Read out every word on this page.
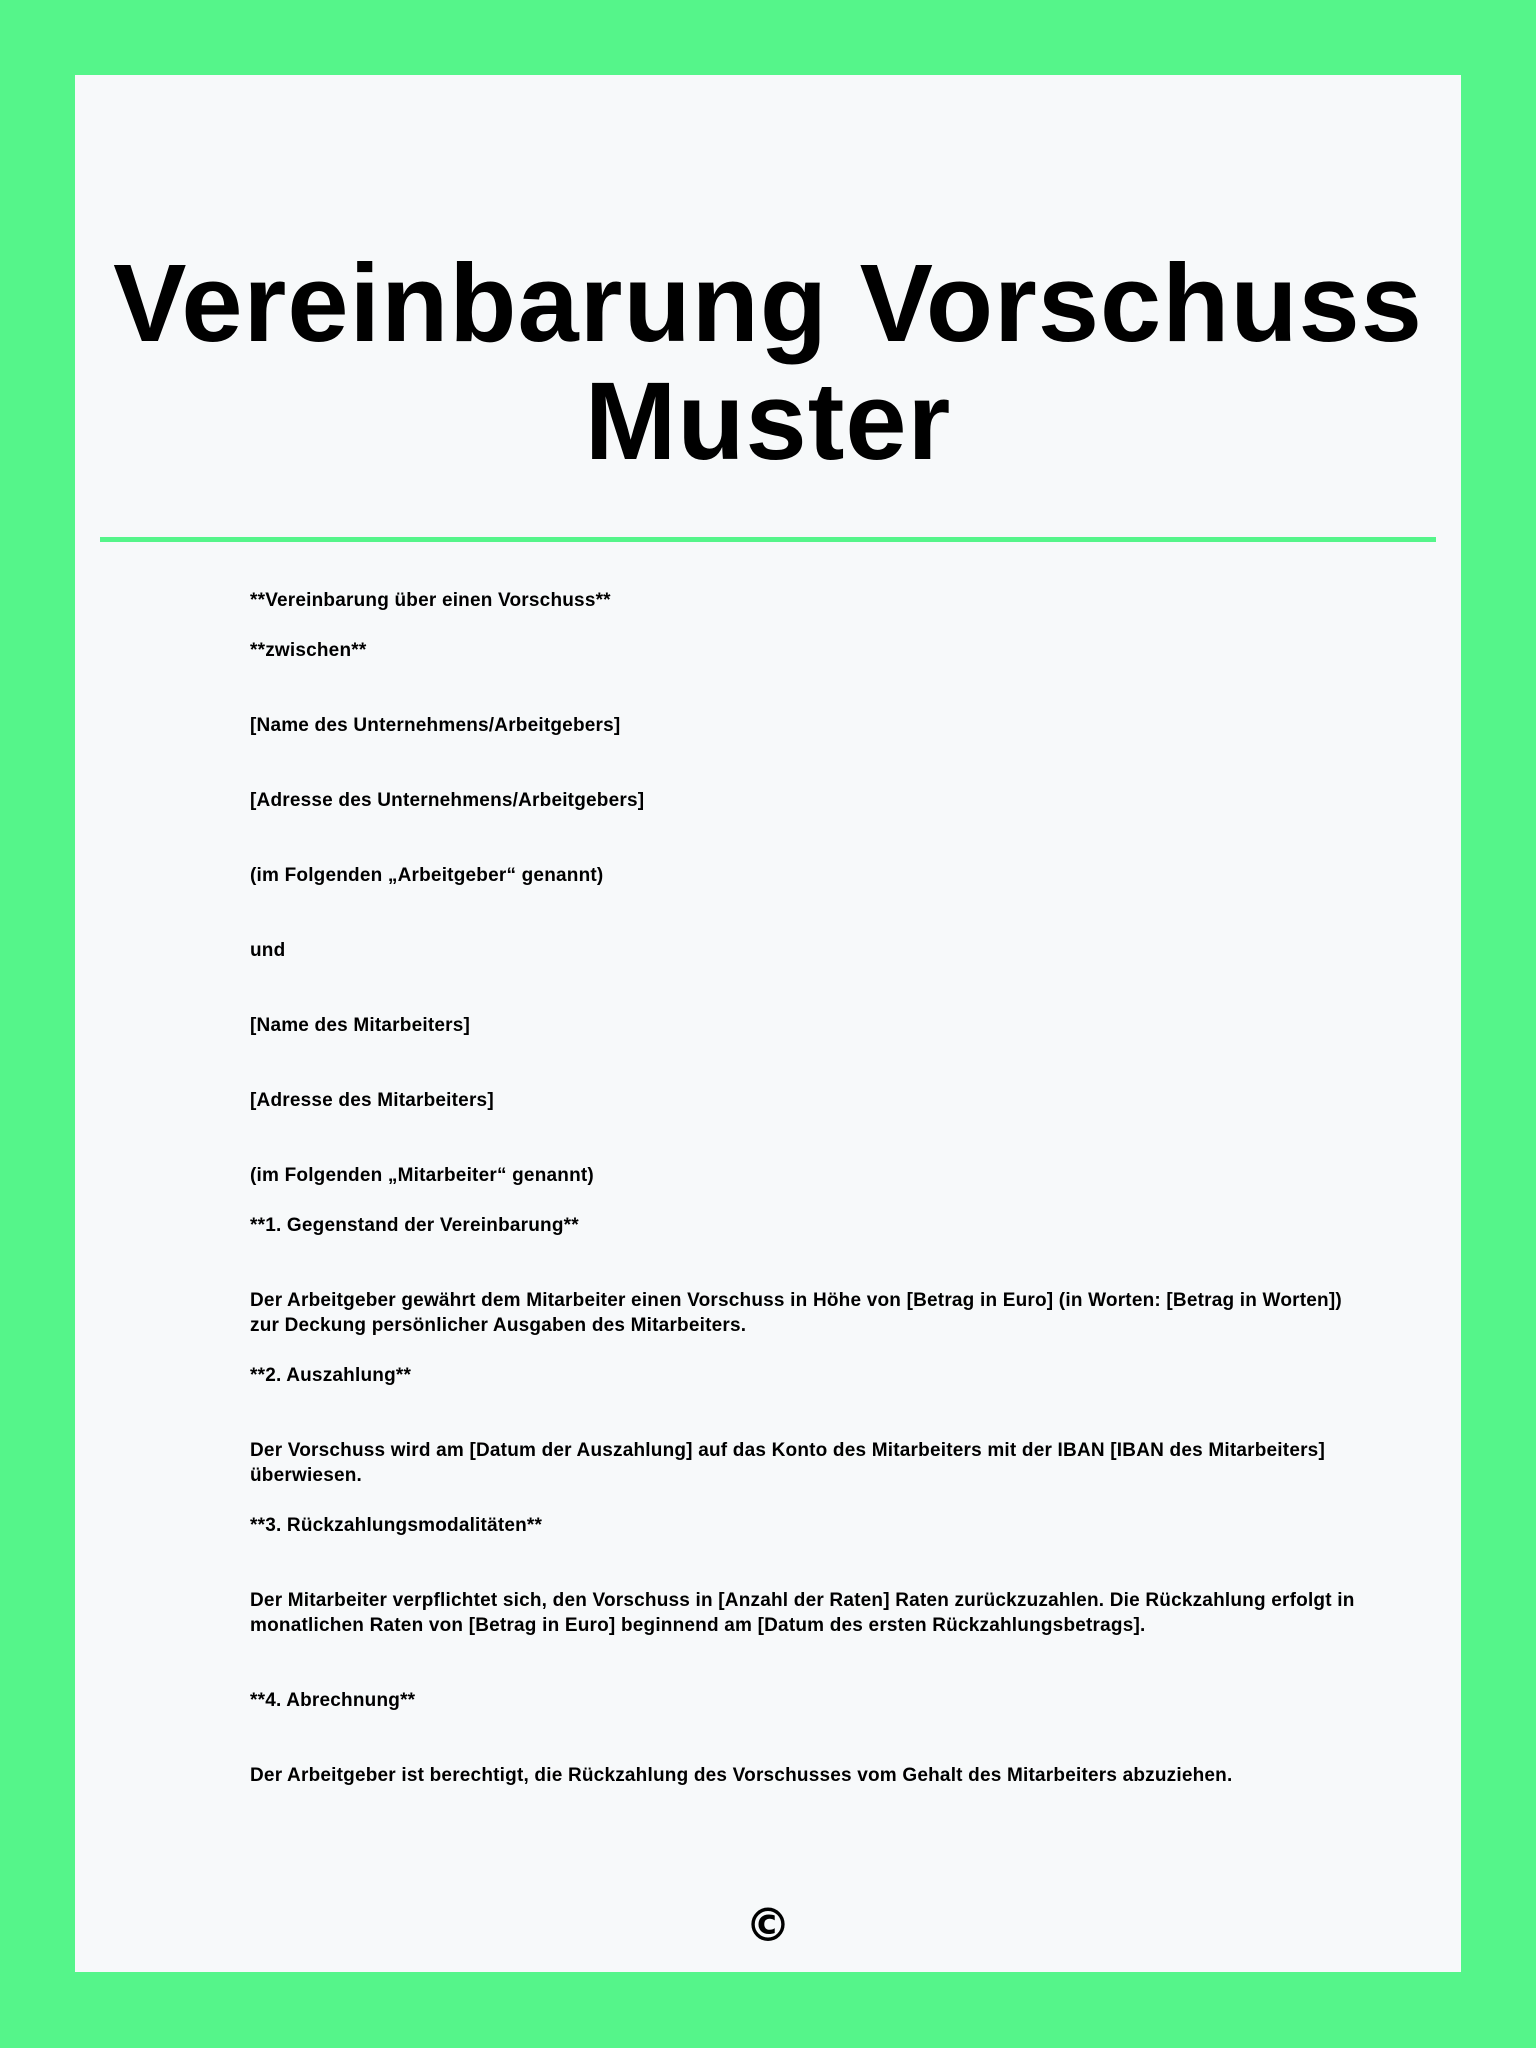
Vereinbarung Vorschuss Muster

**Vereinbarung über einen Vorschuss**

**zwischen**

[Name des Unternehmens/Arbeitgebers]

[Adresse des Unternehmens/Arbeitgebers]

(im Folgenden „Arbeitgeber“ genannt)

und

[Name des Mitarbeiters]

[Adresse des Mitarbeiters]

(im Folgenden „Mitarbeiter“ genannt)

**1. Gegenstand der Vereinbarung**

Der Arbeitgeber gewährt dem Mitarbeiter einen Vorschuss in Höhe von [Betrag in Euro] (in Worten: [Betrag in Worten]) zur Deckung persönlicher Ausgaben des Mitarbeiters.

**2. Auszahlung**

Der Vorschuss wird am [Datum der Auszahlung] auf das Konto des Mitarbeiters mit der IBAN [IBAN des Mitarbeiters] überwiesen.

**3. Rückzahlungsmodalitäten**

Der Mitarbeiter verpflichtet sich, den Vorschuss in [Anzahl der Raten] Raten zurückzuzahlen. Die Rückzahlung erfolgt in monatlichen Raten von [Betrag in Euro] beginnend am [Datum des ersten Rückzahlungsbetrags].

**4. Abrechnung**

Der Arbeitgeber ist berechtigt, die Rückzahlung des Vorschusses vom Gehalt des Mitarbeiters abzuziehen.

©
